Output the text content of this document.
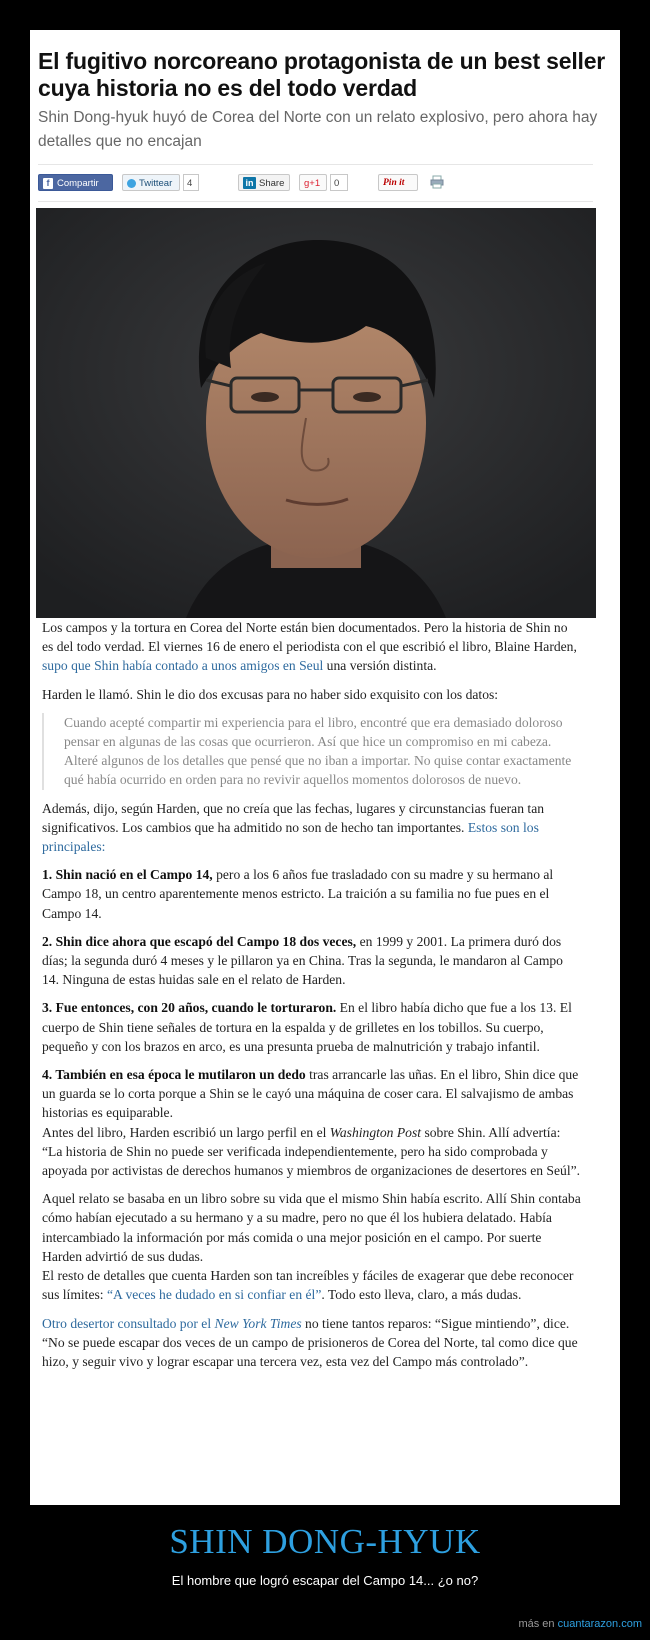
El fugitivo norcoreano protagonista de un best seller cuya historia no es del todo verdad

Shin Dong-hyuk huyó de Corea del Norte con un relato explosivo, pero ahora hay detalles que no encajan

f Compartir	Twittear	4	in Share	g+1	0	Pin it

Los campos y la tortura en Corea del Norte están bien documentados. Pero la historia de Shin no es del todo verdad. El viernes 16 de enero el periodista con el que escribió el libro, Blaine Harden, supo que Shin había contado a unos amigos en Seul una versión distinta.

Harden le llamó. Shin le dio dos excusas para no haber sido exquisito con los datos:

Cuando acepté compartir mi experiencia para el libro, encontré que era demasiado doloroso pensar en algunas de las cosas que ocurrieron. Así que hice un compromiso en mi cabeza. Alteré algunos de los detalles que pensé que no iban a importar. No quise contar exactamente qué había ocurrido en orden para no revivir aquellos momentos dolorosos de nuevo.

Además, dijo, según Harden, que no creía que las fechas, lugares y circunstancias fueran tan significativos. Los cambios que ha admitido no son de hecho tan importantes. Estos son los principales:

1. Shin nació en el Campo 14, pero a los 6 años fue trasladado con su madre y su hermano al Campo 18, un centro aparentemente menos estricto. La traición a su familia no fue pues en el Campo 14.

2. Shin dice ahora que escapó del Campo 18 dos veces, en 1999 y 2001. La primera duró dos días; la segunda duró 4 meses y le pillaron ya en China. Tras la segunda, le mandaron al Campo 14. Ninguna de estas huidas sale en el relato de Harden.

3. Fue entonces, con 20 años, cuando le torturaron. En el libro había dicho que fue a los 13. El cuerpo de Shin tiene señales de tortura en la espalda y de grilletes en los tobillos. Su cuerpo, pequeño y con los brazos en arco, es una presunta prueba de malnutrición y trabajo infantil.

4. También en esa época le mutilaron un dedo tras arrancarle las uñas. En el libro, Shin dice que un guarda se lo corta porque a Shin se le cayó una máquina de coser cara. El salvajismo de ambas historias es equiparable.

Antes del libro, Harden escribió un largo perfil en el Washington Post sobre Shin. Allí advertía: “La historia de Shin no puede ser verificada independientemente, pero ha sido comprobada y apoyada por activistas de derechos humanos y miembros de organizaciones de desertores en Seúl”.

Aquel relato se basaba en un libro sobre su vida que el mismo Shin había escrito. Allí Shin contaba cómo habían ejecutado a su hermano y a su madre, pero no que él los hubiera delatado. Había intercambiado la información por más comida o una mejor posición en el campo. Por suerte Harden advirtió de sus dudas.

El resto de detalles que cuenta Harden son tan increíbles y fáciles de exagerar que debe reconocer sus límites: “A veces he dudado en si confiar en él”. Todo esto lleva, claro, a más dudas.

Otro desertor consultado por el New York Times no tiene tantos reparos: “Sigue mintiendo”, dice. “No se puede escapar dos veces de un campo de prisioneros de Corea del Norte, tal como dice que hizo, y seguir vivo y lograr escapar una tercera vez, esta vez del Campo más controlado”.

SHIN DONG-HYUK
El hombre que logró escapar del Campo 14... ¿o no?
más en cuantarazon.com
